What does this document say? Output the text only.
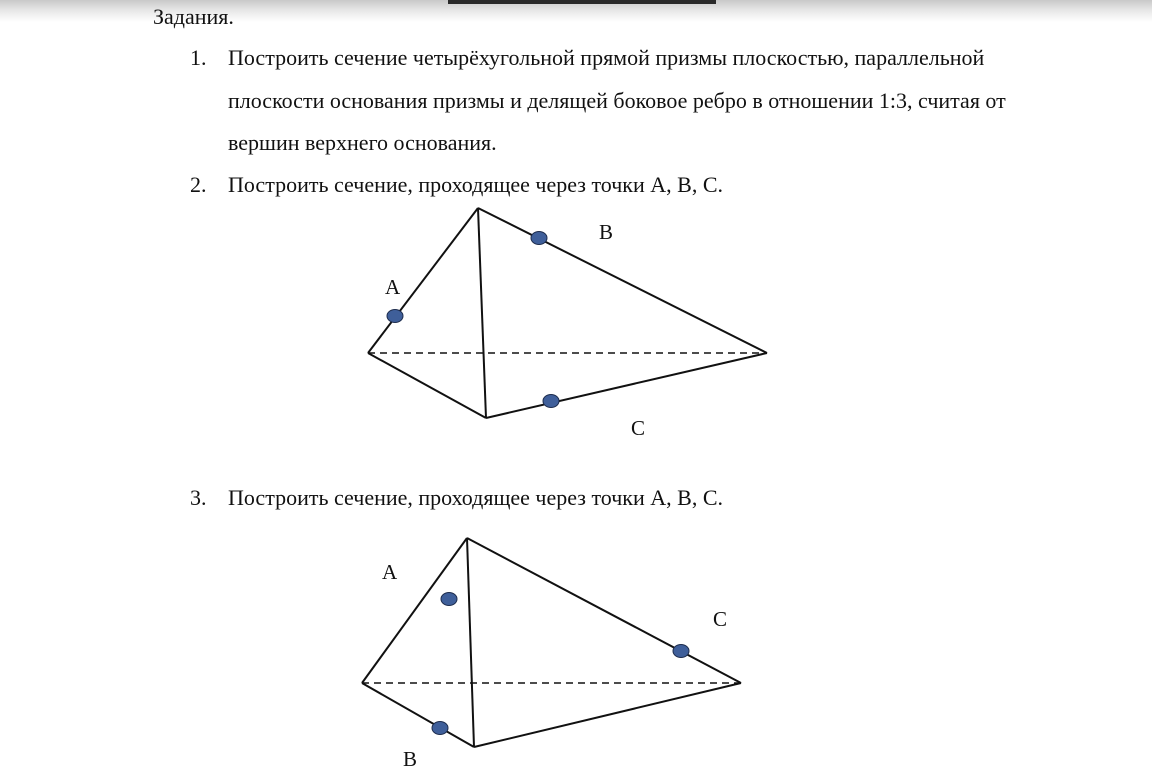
Задания.
1. Построить сечение четырёхугольной прямой призмы плоскостью, параллельной
плоскости основания призмы и делящей боковое ребро в отношении 1:3, считая от
вершин верхнего основания.
2. Построить сечение, проходящее через точки A, B, C.
3. Построить сечение, проходящее через точки A, B, C.
A
B
C
A
B
C
